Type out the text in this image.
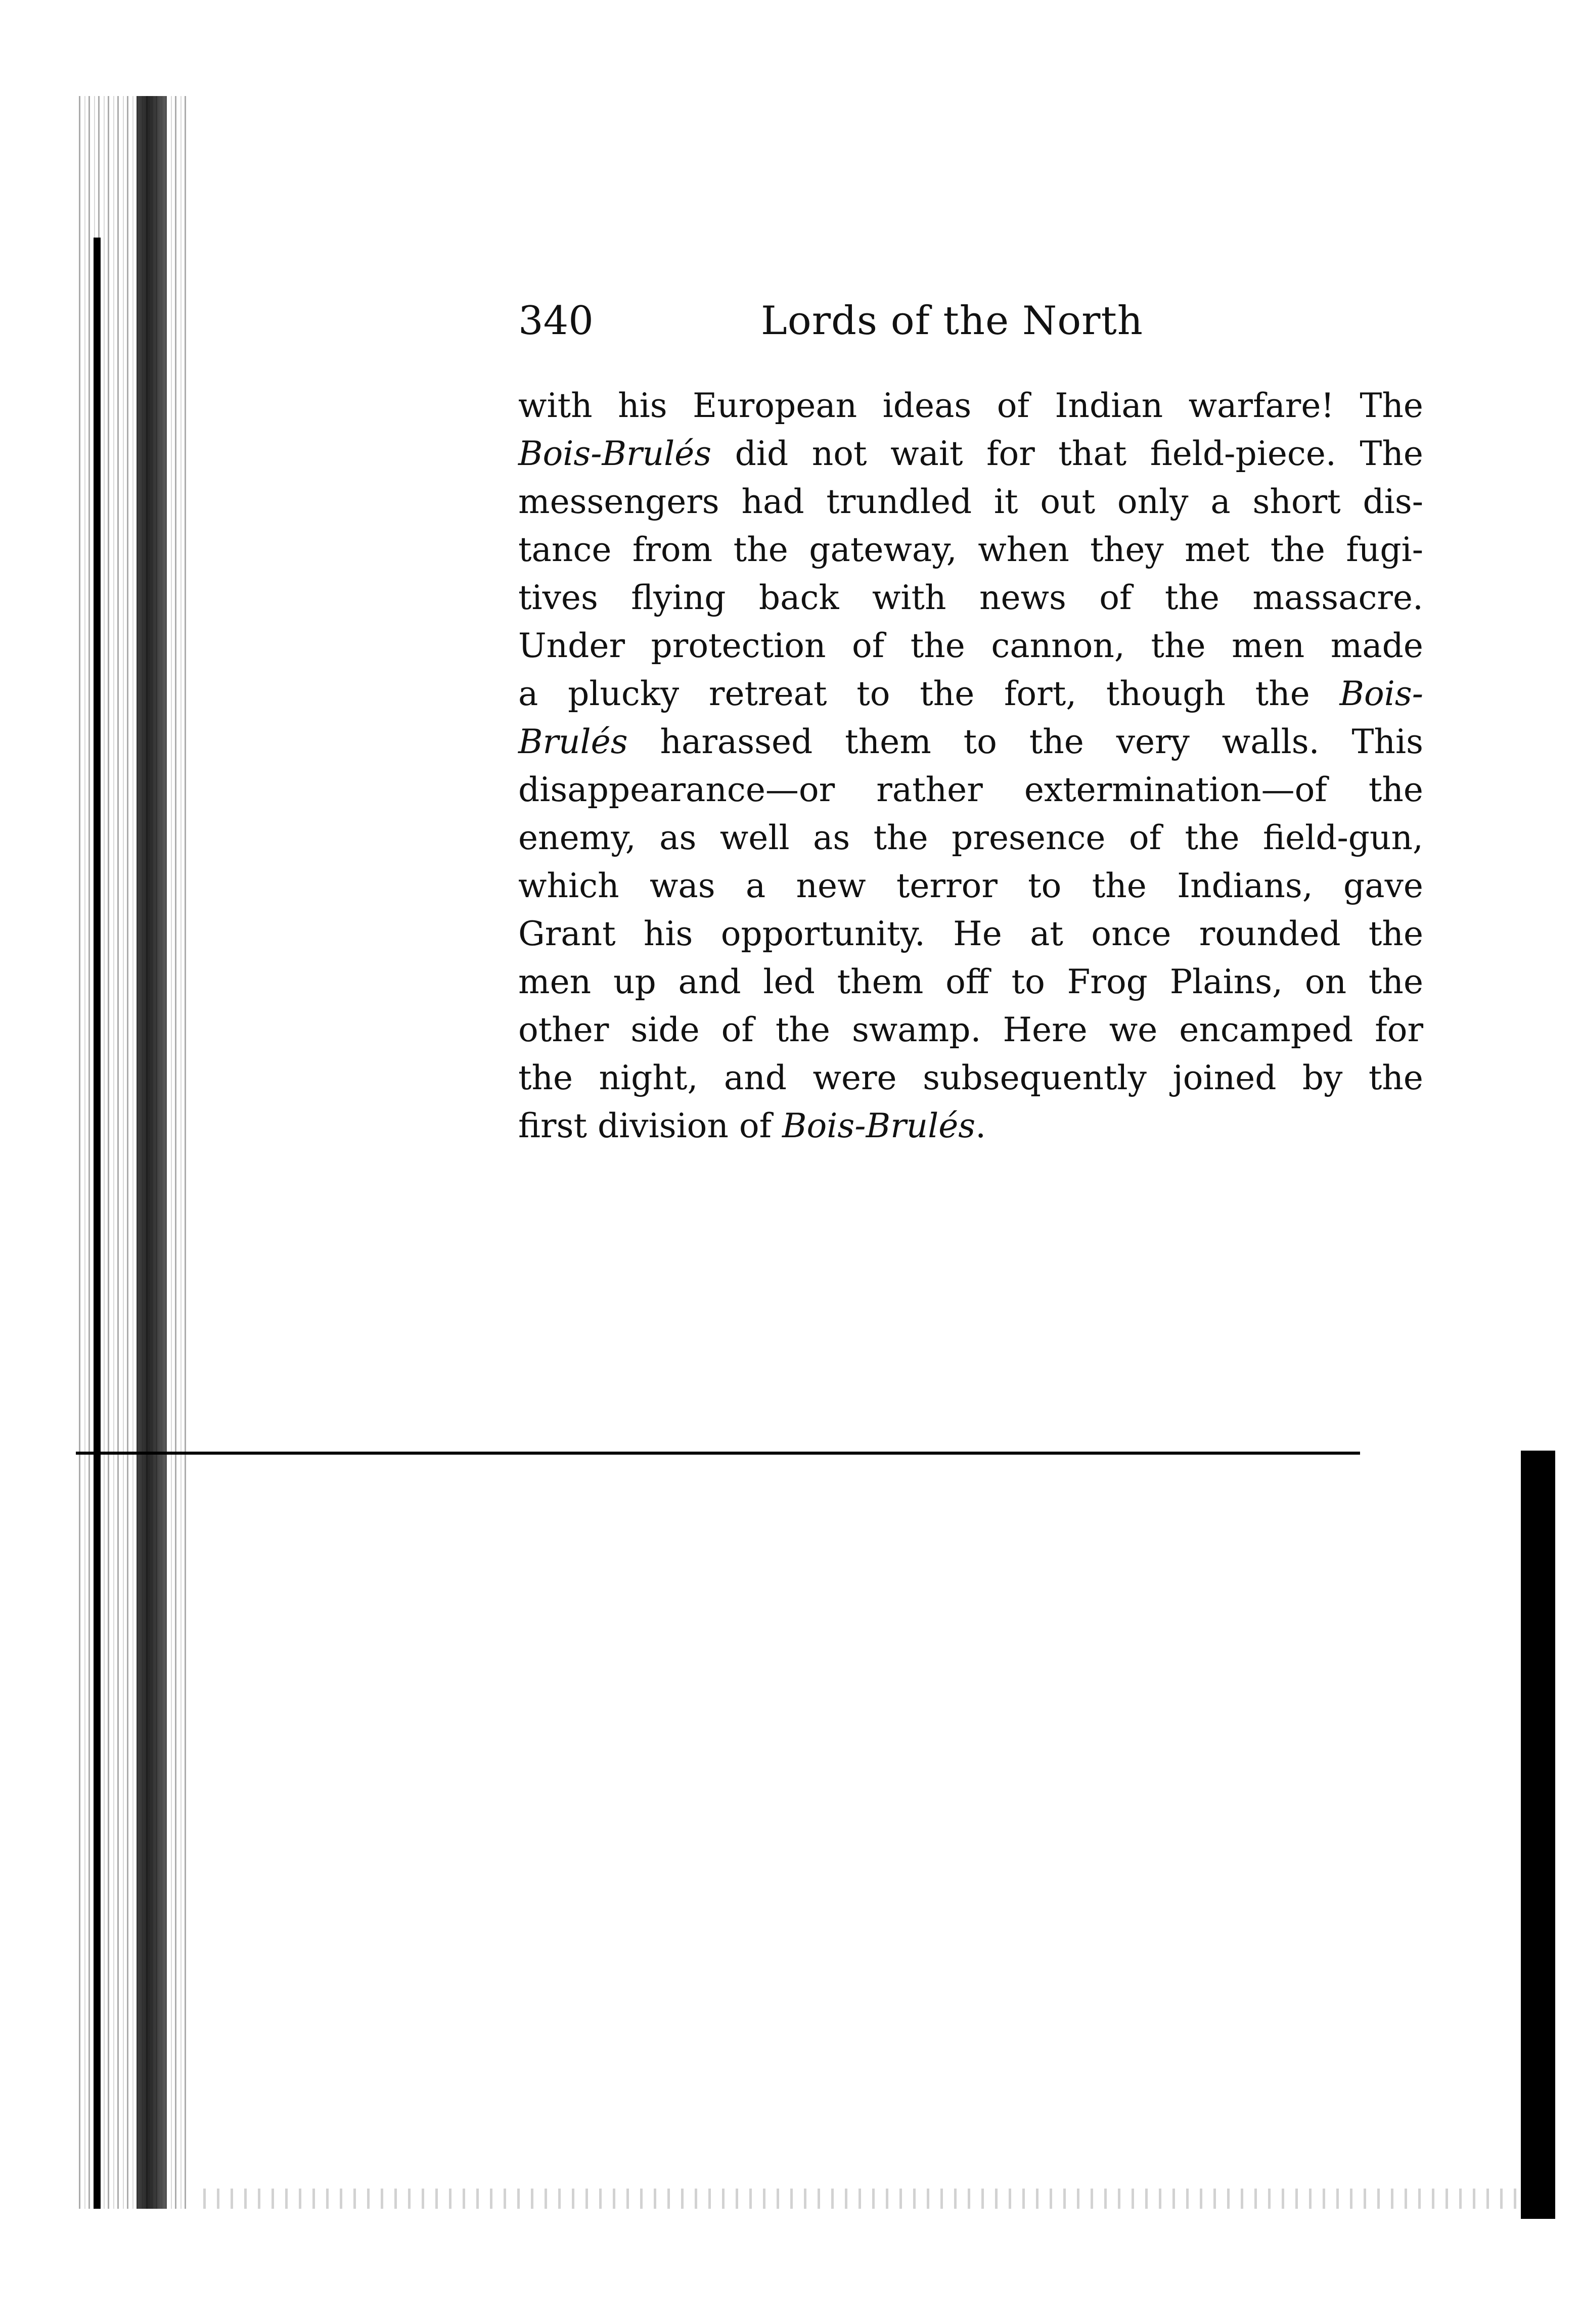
340	Lords of the North
with his European ideas of Indian warfare! The
Bois-Brulés did not wait for that field-piece. The
messengers had trundled it out only a short dis-
tance from the gateway, when they met the fugi-
tives flying back with news of the massacre.
Under protection of the cannon, the men made
a plucky retreat to the fort, though the Bois-
Brulés harassed them to the very walls. This
disappearance—or rather extermination—of the
enemy, as well as the presence of the field-gun,
which was a new terror to the Indians, gave
Grant his opportunity. He at once rounded the
men up and led them off to Frog Plains, on the
other side of the swamp. Here we encamped for
the night, and were subsequently joined by the
first division of Bois-Brulés.
